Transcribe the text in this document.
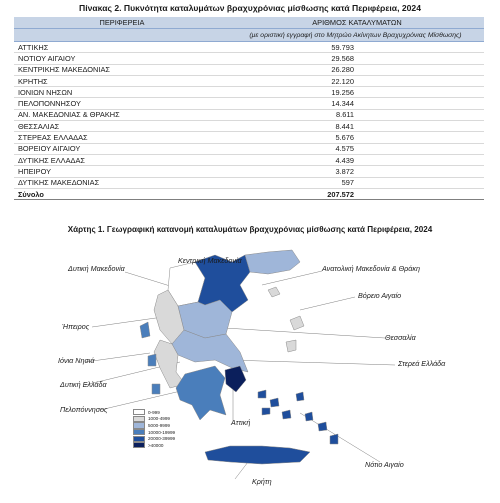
Πίνακας 2. Πυκνότητα καταλυμάτων βραχυχρόνιας μίσθωσης κατά Περιφέρεια, 2024
ΠΕΡΙΦΕΡΕΙΑ	ΑΡΙΘΜΟΣ ΚΑΤΑΛΥΜΑΤΩΝ
	(με οριστική εγγραφή στο Μητρώο Ακίνητων Βραχυχρόνιας Μίσθωσης)
ΑΤΤΙΚΗΣ	59.793
ΝΟΤΙΟΥ ΑΙΓΑΙΟΥ	29.568
ΚΕΝΤΡΙΚΗΣ ΜΑΚΕΔΟΝΙΑΣ	26.280
ΚΡΗΤΗΣ	22.120
ΙΟΝΙΩΝ ΝΗΣΩΝ	19.256
ΠΕΛΟΠΟΝΝΗΣΟΥ	14.344
ΑΝ. ΜΑΚΕΔΟΝΙΑΣ & ΘΡΑΚΗΣ	8.611
ΘΕΣΣΑΛΙΑΣ	8.441
ΣΤΕΡΕΑΣ ΕΛΛΑΔΑΣ	5.676
ΒΟΡΕΙΟΥ ΑΙΓΑΙΟΥ	4.575
ΔΥΤΙΚΗΣ ΕΛΛΑΔΑΣ	4.439
ΗΠΕΙΡΟΥ	3.872
ΔΥΤΙΚΗΣ ΜΑΚΕΔΟΝΙΑΣ	597
Σύνολο	207.572
Χάρτης 1. Γεωγραφική κατανομή καταλυμάτων βραχυχρόνιας μίσθωσης κατά Περιφέρεια, 2024
Δυτική Μακεδονία
Κεντρική Μακεδονία
Ανατολική Μακεδονία & Θράκη
Βόρειο Αιγαίο
Ήπειρος
Θεσσαλία
Ιόνια Νησιά	Στερεά Ελλάδα
Δυτική Ελλάδα
Πελοπόννησος
Αττική
Νότιο Αιγαίο
Κρήτη
0-999
1000-4999
5000-9999
10000-19999
20000-39999
>40000
